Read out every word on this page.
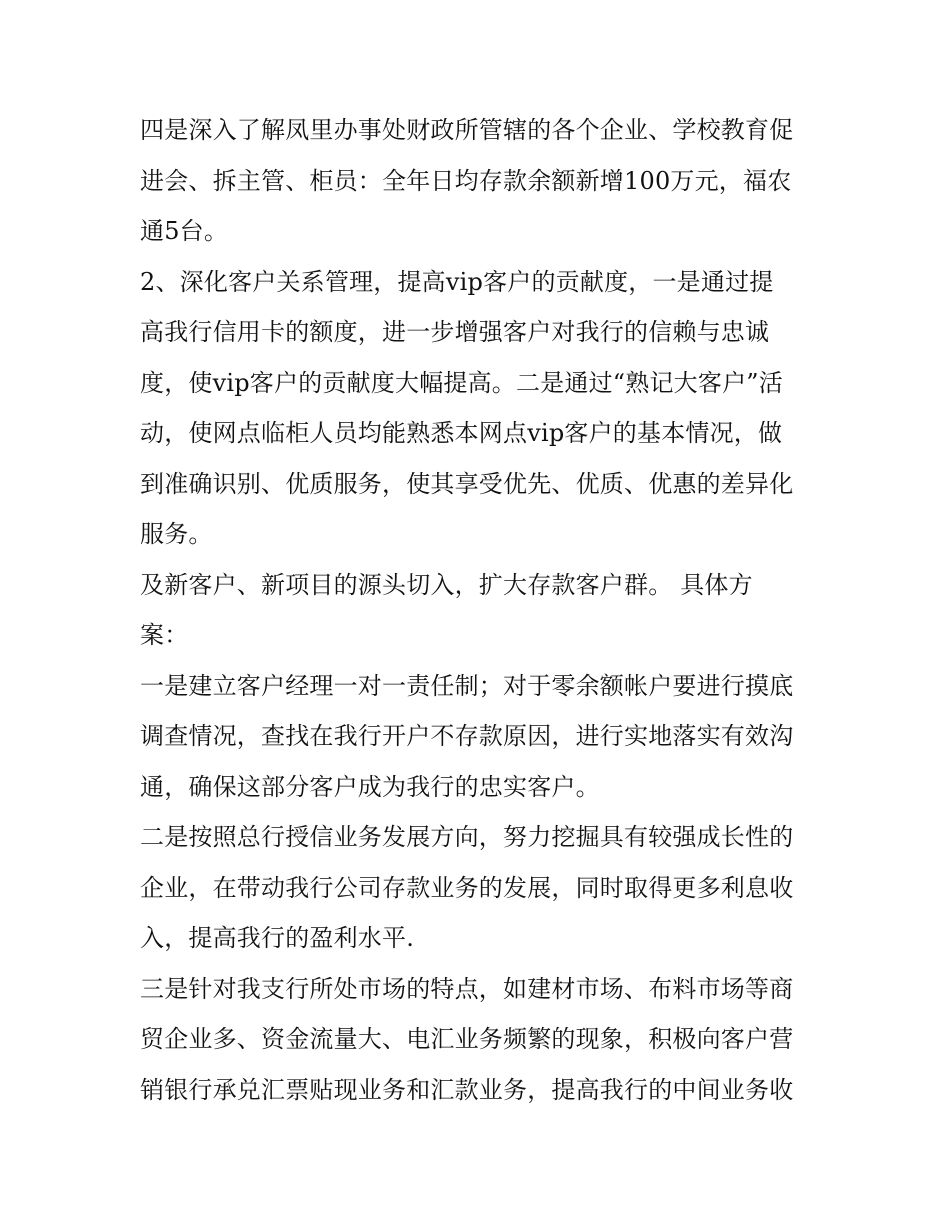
四是深入了解凤里办事处财政所管辖的各个企业、学校教育促
进会、拆主管、柜员：全年日均存款余额新增100万元，福农
通5台。
2、深化客户关系管理，提高vip客户的贡献度，一是通过提
高我行信用卡的额度，进一步增强客户对我行的信赖与忠诚
度，使vip客户的贡献度大幅提高。二是通过“熟记大客户”活
动，使网点临柜人员均能熟悉本网点vip客户的基本情况，做
到准确识别、优质服务，使其享受优先、优质、优惠的差异化
服务。
及新客户、新项目的源头切入，扩大存款客户群。 具体方
案：
一是建立客户经理一对一责任制；对于零余额帐户要进行摸底
调查情况，查找在我行开户不存款原因，进行实地落实有效沟
通，确保这部分客户成为我行的忠实客户。
二是按照总行授信业务发展方向，努力挖掘具有较强成长性的
企业，在带动我行公司存款业务的发展，同时取得更多利息收
入，提高我行的盈利水平.
三是针对我支行所处市场的特点，如建材市场、布料市场等商
贸企业多、资金流量大、电汇业务频繁的现象，积极向客户营
销银行承兑汇票贴现业务和汇款业务，提高我行的中间业务收
